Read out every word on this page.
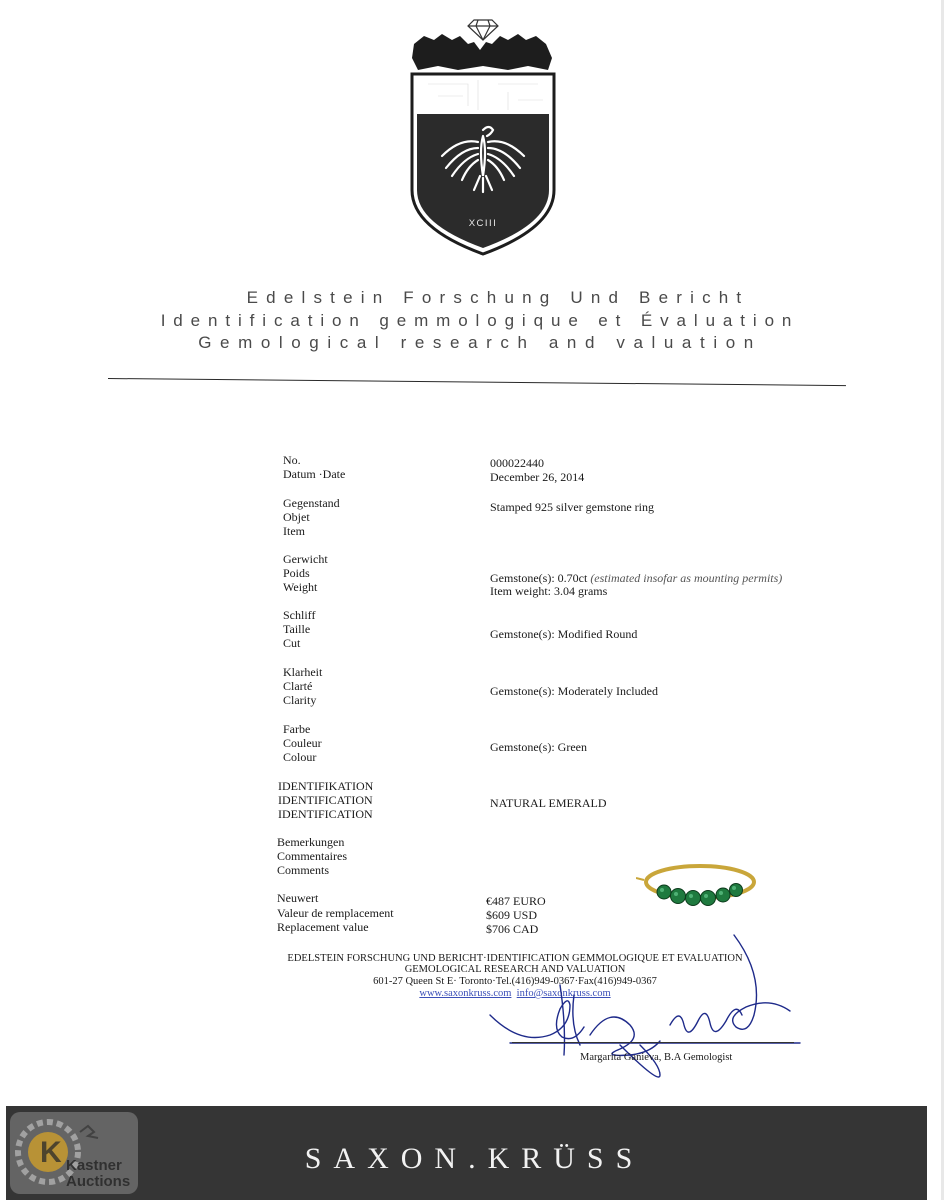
XCIII
Edelstein Forschung Und Bericht
Identification gemmologique et Évaluation
Gemological research and valuation
No.
Datum ·Date
000022440
December 26, 2014
Gegenstand
Objet
Item
Stamped 925 silver gemstone ring
Gerwicht
Poids
Weight
Gemstone(s): 0.70ct (estimated insofar as mounting permits)
Item weight: 3.04 grams
Schliff
Taille
Cut
Gemstone(s): Modified Round
Klarheit
Clarté
Clarity
Gemstone(s): Moderately Included
Farbe
Couleur
Colour
Gemstone(s): Green
IDENTIFIKATION
IDENTIFICATION
IDENTIFICATION
NATURAL EMERALD
Bemerkungen
Commentaires
Comments
Neuwert
Valeur de remplacement
Replacement value
€487 EURO
$609 USD
$706 CAD
EDELSTEIN FORSCHUNG UND BERICHT·IDENTIFICATION GEMMOLOGIQUE ET EVALUATION
GEMOLOGICAL RESEARCH AND VALUATION
601-27 Queen St E· Toronto·Tel.(416)949-0367·Fax(416)949-0367
www.saxonkruss.com info@saxonkruss.com
Margarita Ganieva, B.A Gemologist
SAXON.KRÜSS
K Kastner
Auctions
